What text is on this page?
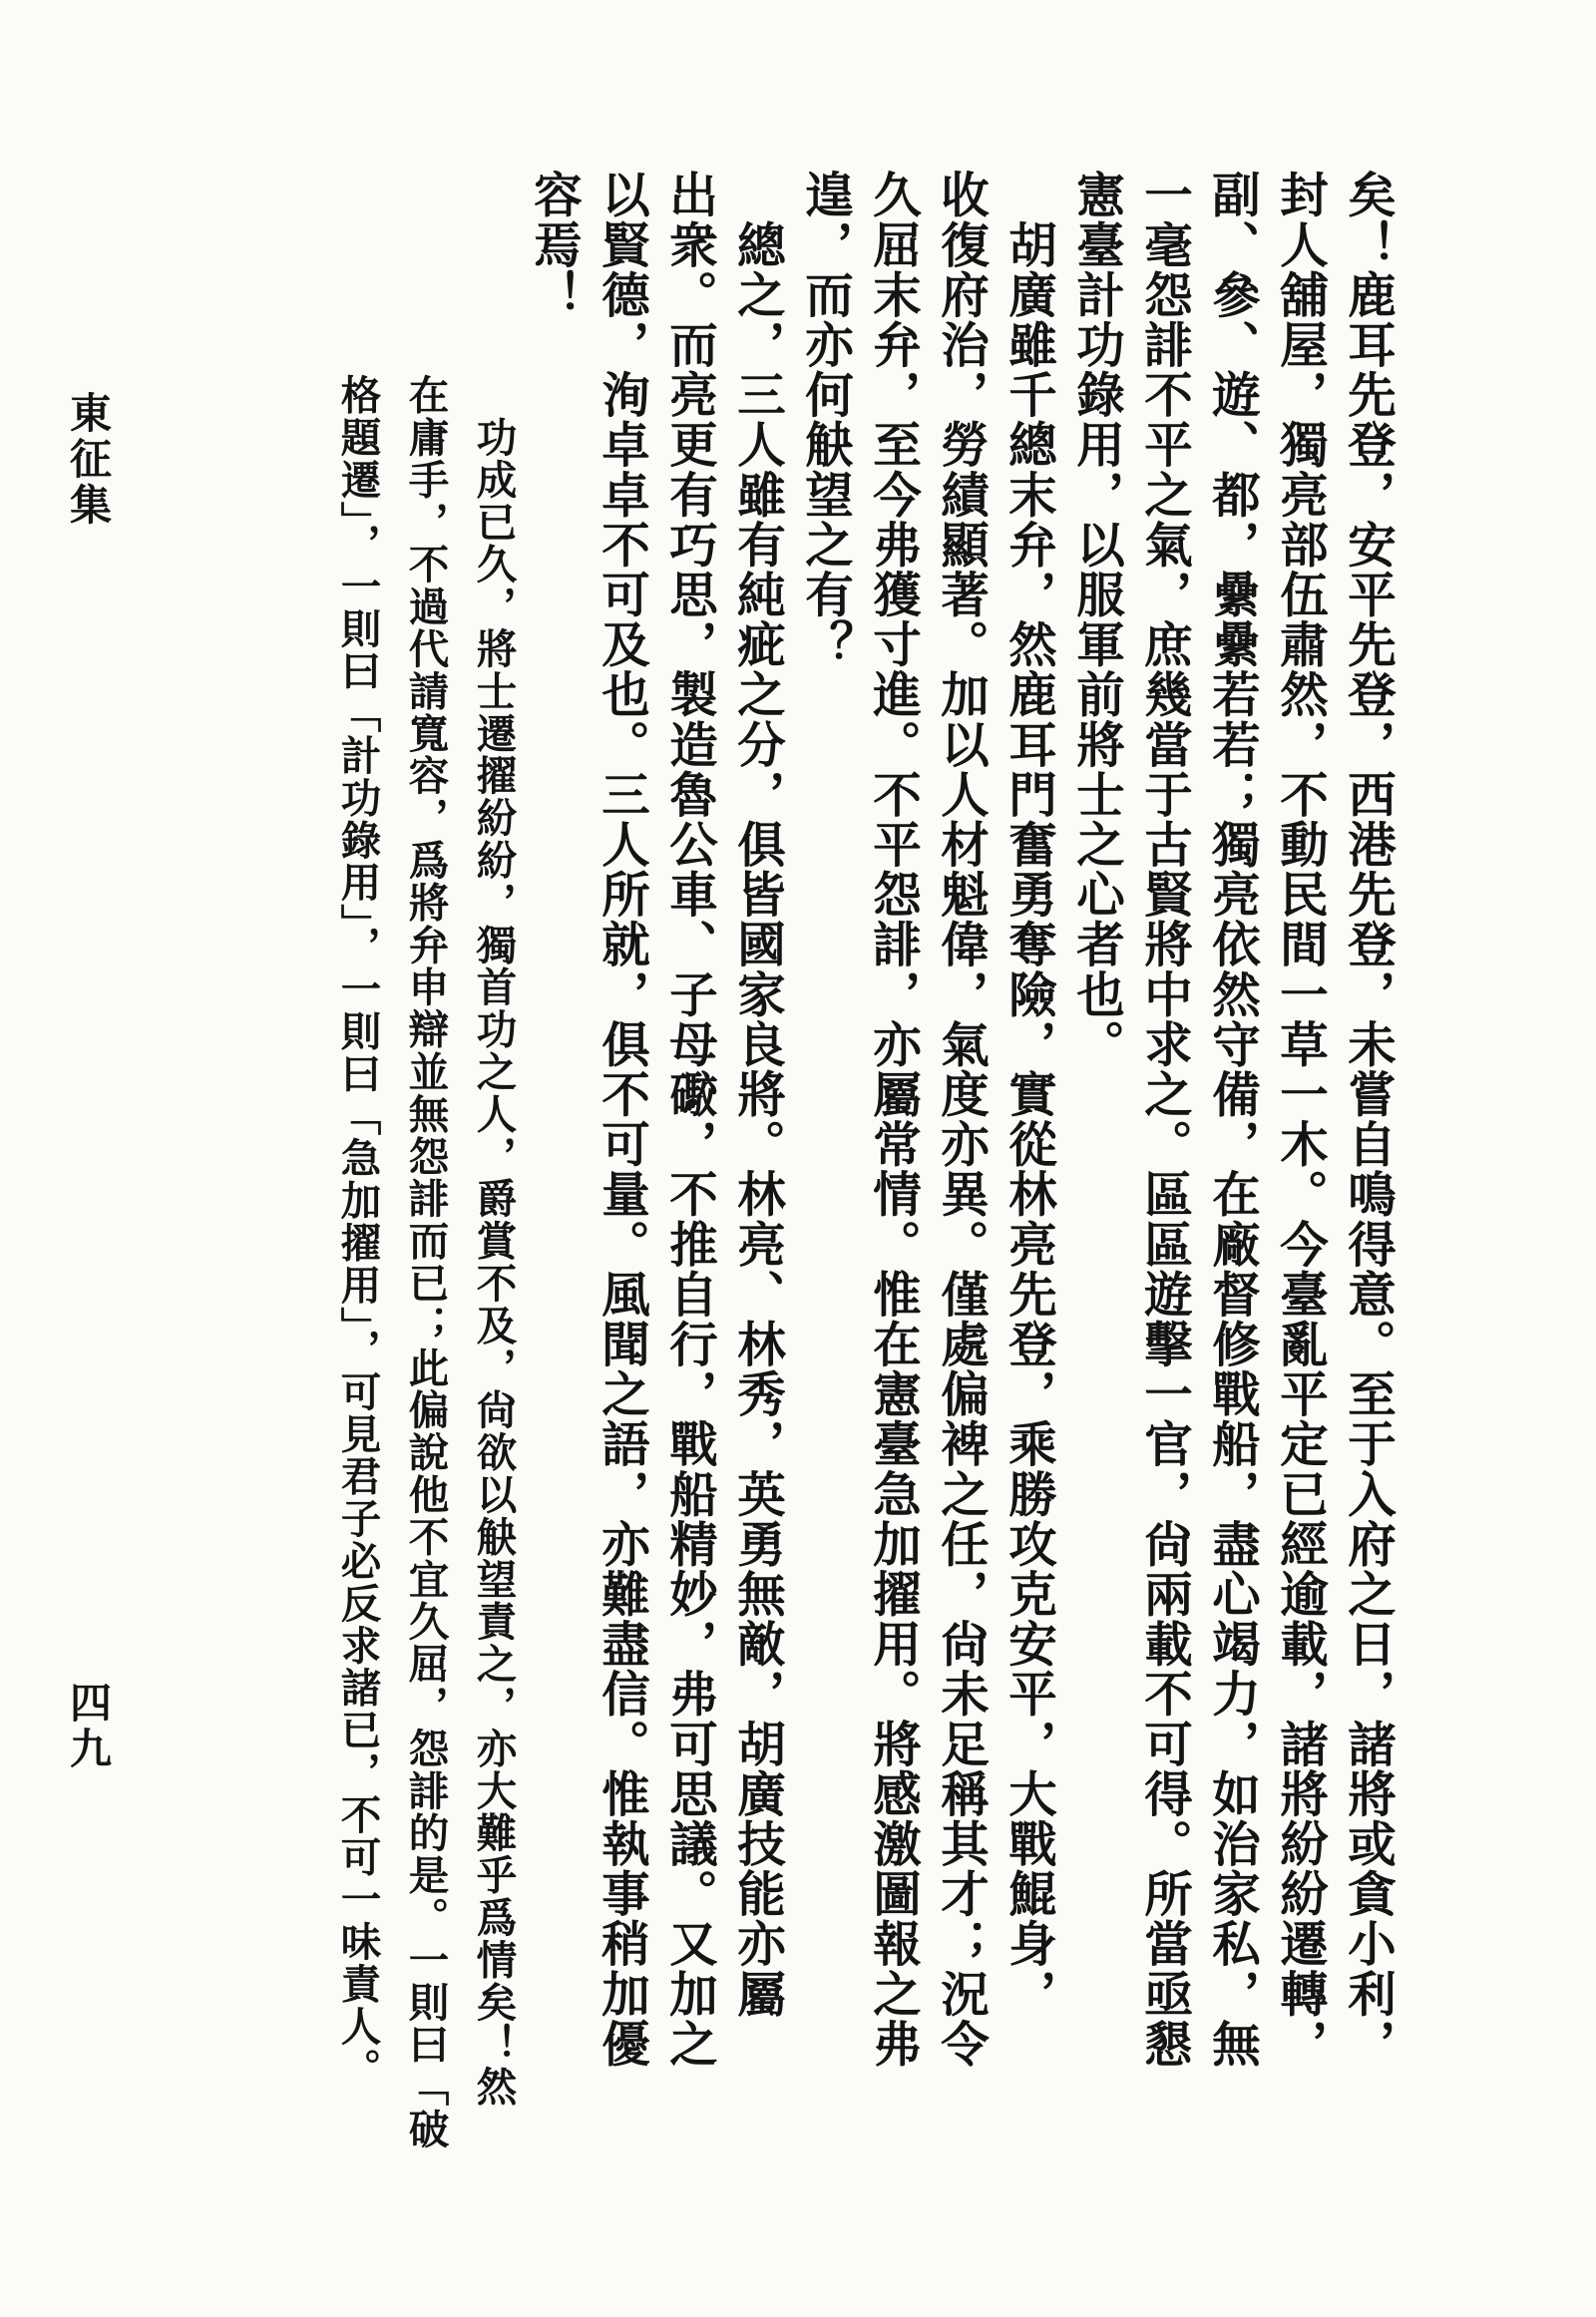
東征集
四九	矣！鹿耳先登，安平先登，西港先登，未嘗自鳴得意。至于入府之日，諸將或貪小利，
封人舖屋，獨亮部伍肅然，不動民間一草一木。今臺亂平定已經逾載，諸將紛紛遷轉，
副、參、遊、都，纍纍若若；獨亮依然守備，在廠督修戰船，盡心竭力，如治家私，無
一毫怨誹不平之氣，庶幾當于古賢將中求之。區區遊擊一官，尙兩載不可得。所當亟懇
憲臺計功錄用，以服軍前將士之心者也。
　胡廣雖千總末弁，然鹿耳門奮勇奪險，實從林亮先登，乘勝攻克安平，大戰鯤身，
收復府治，勞績顯著。加以人材魁偉，氣度亦異。僅處偏裨之任，尙未足稱其才；況令
久屈末弁，至今弗獲寸進。不平怨誹，亦屬常情。惟在憲臺急加擢用。將感激圖報之弗
遑，而亦何觖望之有？
　總之，三人雖有純疵之分，俱皆國家良將。林亮、林秀，英勇無敵，胡廣技能亦屬
出衆。而亮更有巧思，製造魯公車、子母礮，不推自行，戰船精妙，弗可思議。又加之
以賢德，洵卓卓不可及也。三人所就，俱不可量。風聞之語，亦難盡信。惟執事稍加優
容焉！
　功成已久，將士遷擢紛紛，獨首功之人，爵賞不及，尙欲以觖望責之，亦大難乎爲情矣！然
在庸手，不過代請寬容，爲將弁申辯並無怨誹而已；此偏說他不宜久屈，怨誹的是。一則曰「破
格題遷」，一則曰「計功錄用」，一則曰「急加擢用」，可見君子必反求諸已，不可一味責人。
